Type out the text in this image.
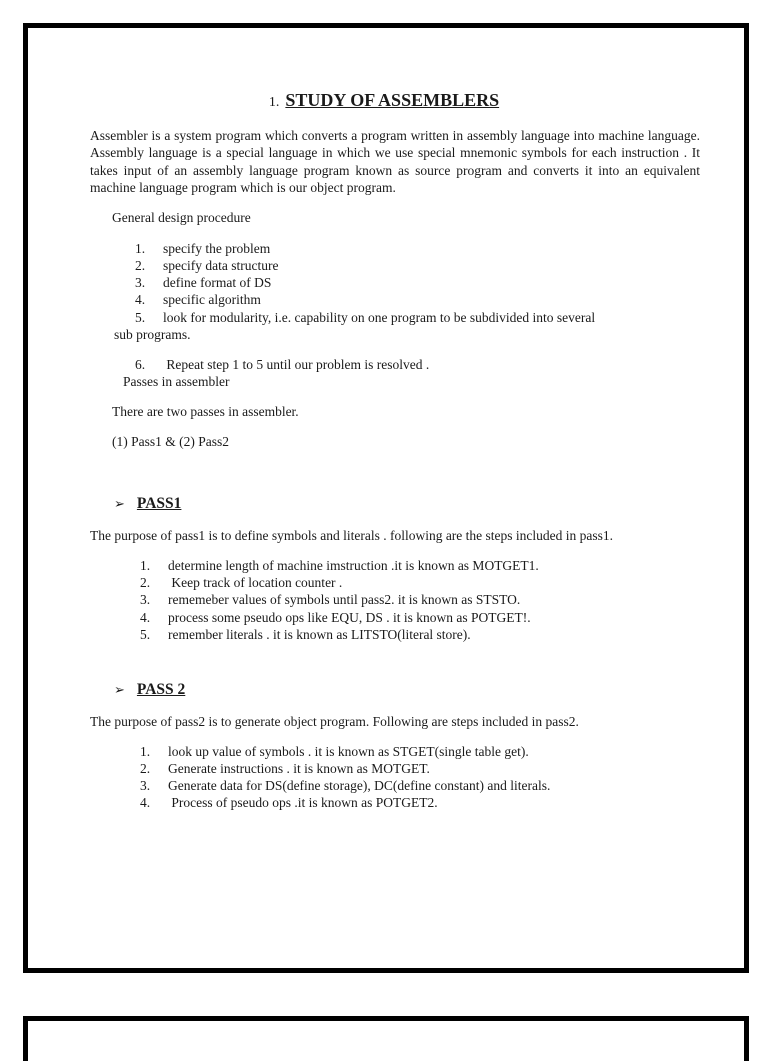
1. STUDY OF ASSEMBLERS
Assembler is a system program which converts a program written in assembly language into machine language. Assembly language is a special language in which we use special mnemonic symbols for each instruction . It takes input of an assembly language program known as source program and converts it into an equivalent machine language program which is our object program.
General design procedure
1. specify the problem
2. specify data structure
3. define format of DS
4. specific algorithm
5. look for modularity, i.e. capability on one program to be subdivided into several
sub programs.
6. Repeat step 1 to 5 until our problem is resolved .
Passes in assembler
There are two passes in assembler.
(1) Pass1 & (2) Pass2
➢ PASS1
The purpose of pass1 is to define symbols and literals . following are the steps included in pass1.
1. determine length of machine imstruction .it is known as MOTGET1.
2. Keep track of location counter .
3. rememeber values of symbols until pass2. it is known as STSTO.
4. process some pseudo ops like EQU, DS . it is known as POTGET!.
5. remember literals . it is known as LITSTO(literal store).
➢ PASS 2
The purpose of pass2 is to generate object program. Following are steps included in pass2.
1. look up value of symbols . it is known as STGET(single table get).
2. Generate instructions . it is known as MOTGET.
3. Generate data for DS(define storage), DC(define constant) and literals.
4. Process of pseudo ops .it is known as POTGET2.
